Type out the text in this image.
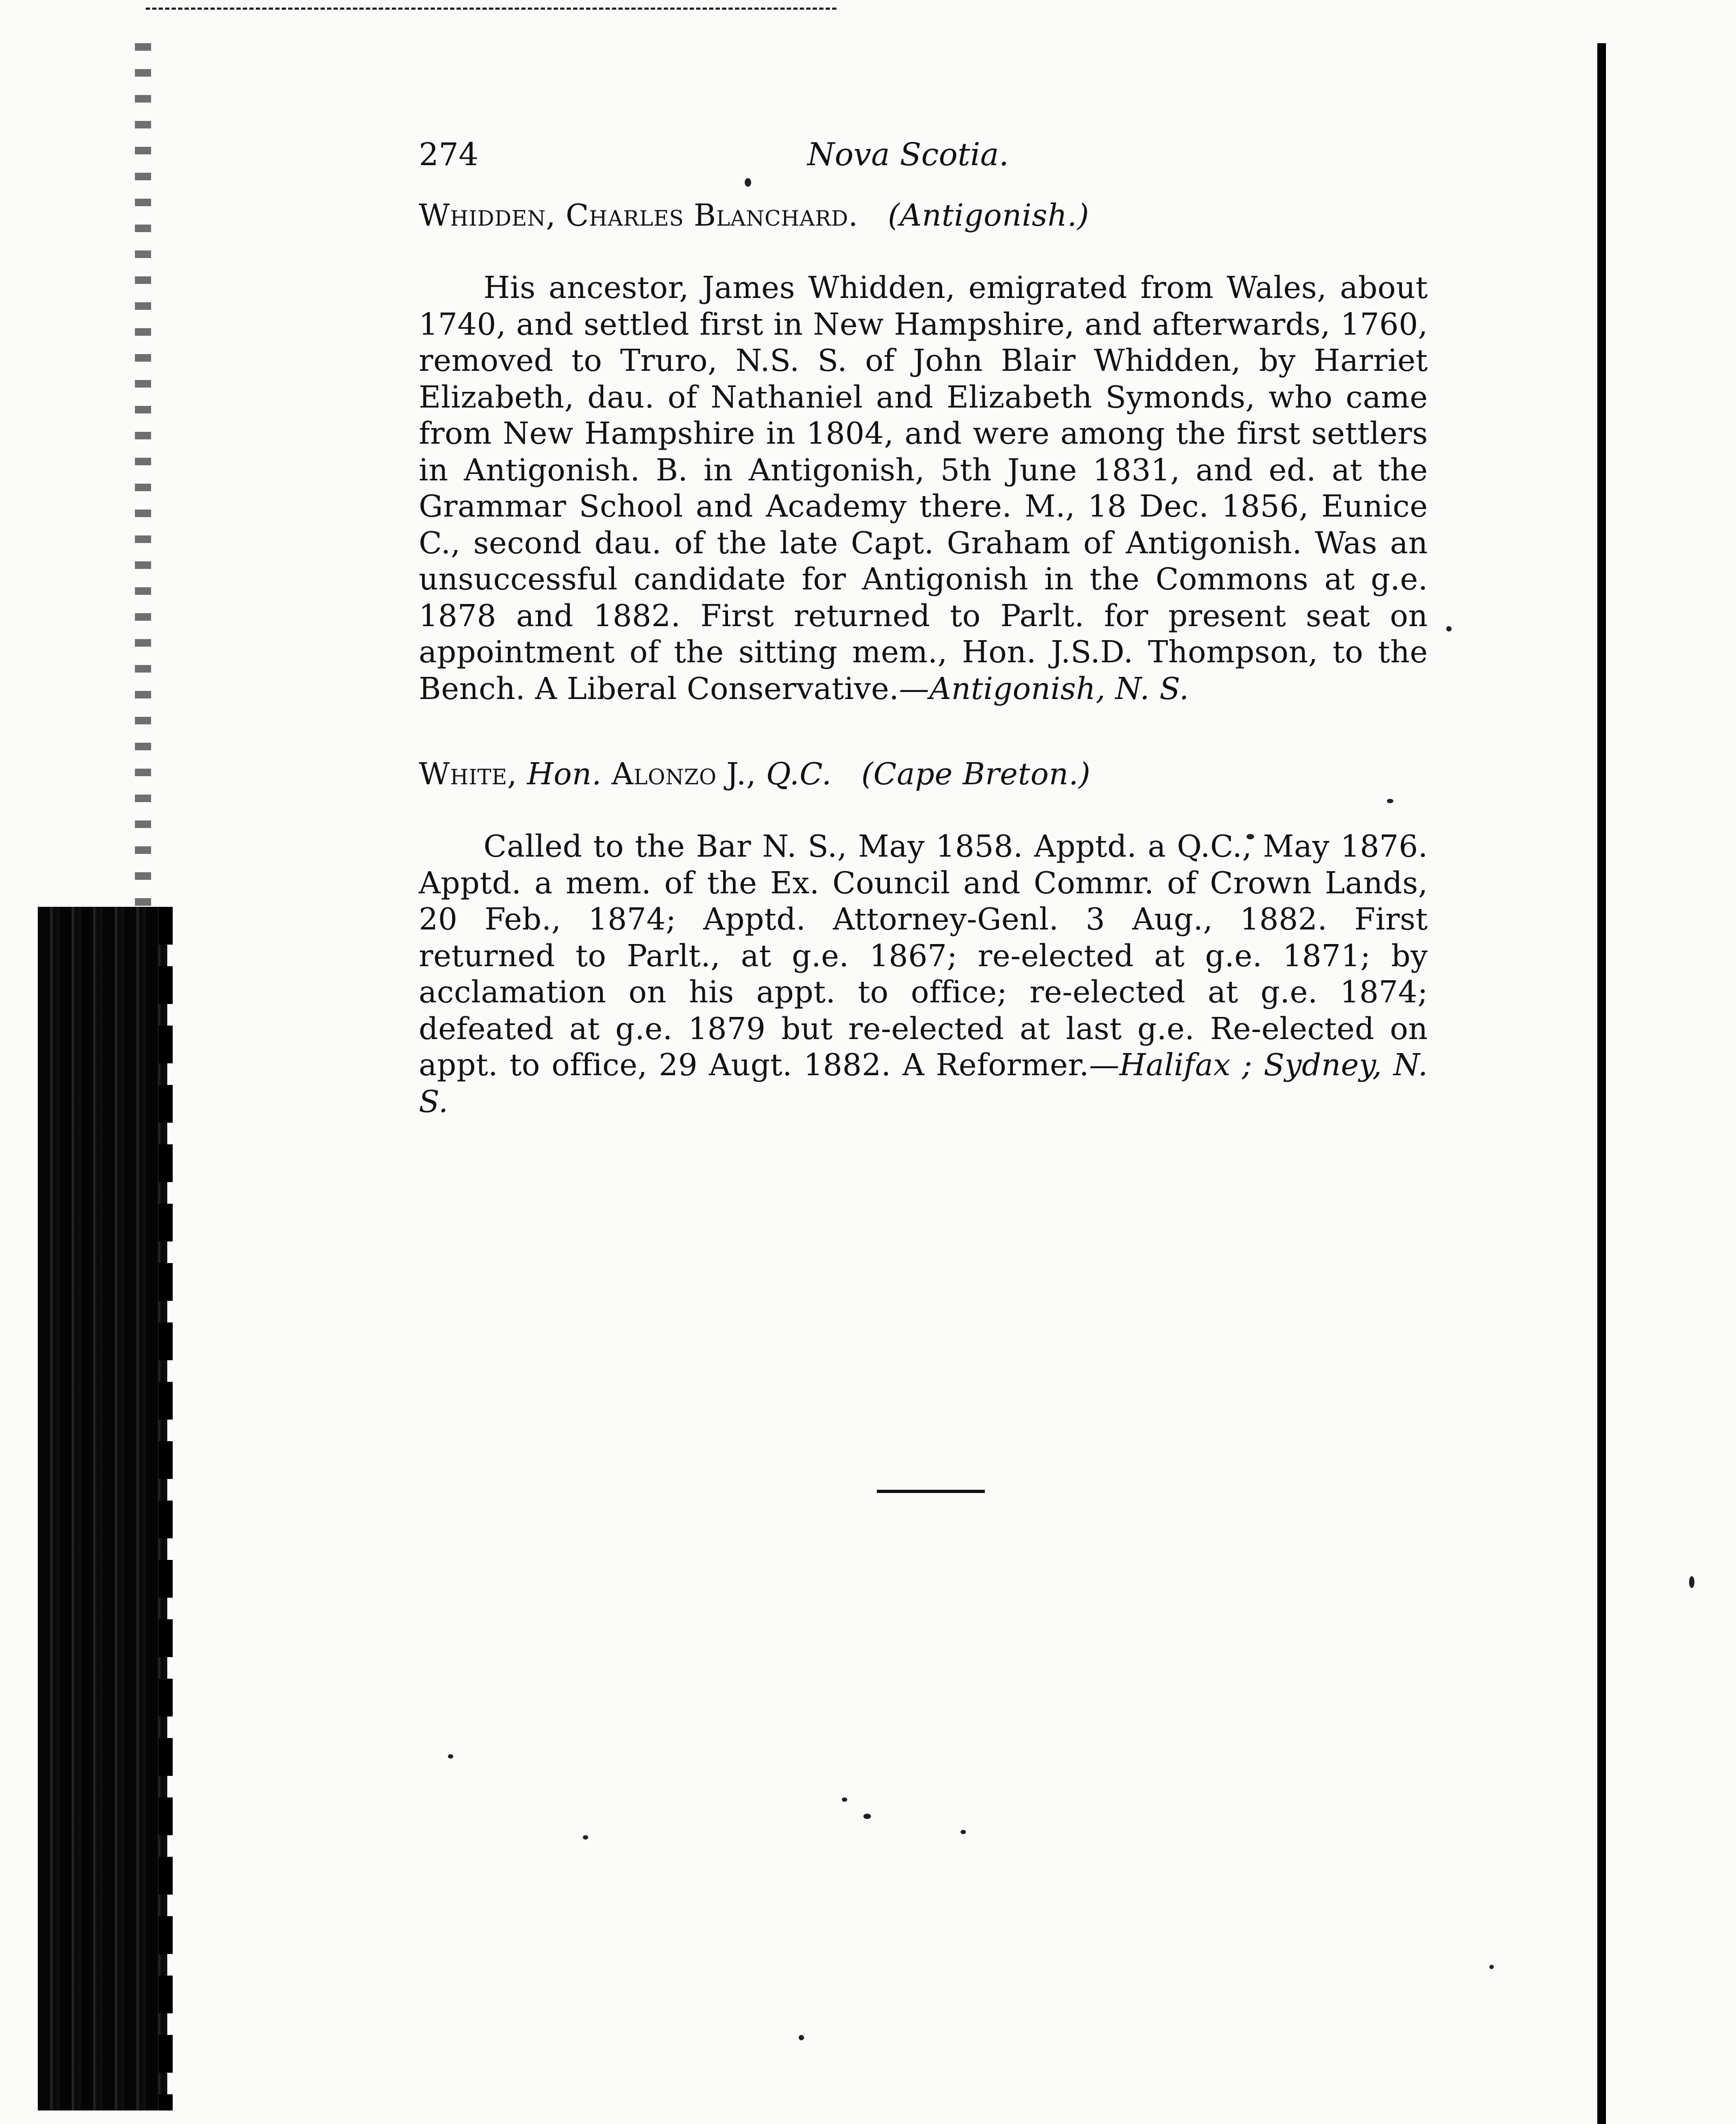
274	Nova Scotia.
Whidden, Charles Blanchard. (Antigonish.)

His ancestor, James Whidden, emigrated from Wales, about 1740, and settled first in New Hampshire, and afterwards, 1760, removed to Truro, N.S. S. of John Blair Whidden, by Harriet Elizabeth, dau. of Nathaniel and Elizabeth Symonds, who came from New Hampshire in 1804, and were among the first settlers in Antigonish. B. in Antigonish, 5th June 1831, and ed. at the Grammar School and Academy there. M., 18 Dec. 1856, Eunice C., second dau. of the late Capt. Graham of Antigonish. Was an unsuccessful candidate for Antigonish in the Commons at g.e. 1878 and 1882. First returned to Parlt. for present seat on appointment of the sitting mem., Hon. J.S.D. Thompson, to the Bench. A Liberal Conservative.—Antigonish, N. S.

White, Hon. Alonzo J., Q.C. (Cape Breton.)

Called to the Bar N. S., May 1858. Apptd. a Q.C., May 1876. Apptd. a mem. of the Ex. Council and Commr. of Crown Lands, 20 Feb., 1874; Apptd. Attorney-Genl. 3 Aug., 1882. First returned to Parlt., at g.e. 1867; re-elected at g.e. 1871; by acclamation on his appt. to office; re-elected at g.e. 1874; defeated at g.e. 1879 but re-elected at last g.e. Re-elected on appt. to office, 29 Augt. 1882. A Reformer.—Halifax ; Sydney, N. S.
